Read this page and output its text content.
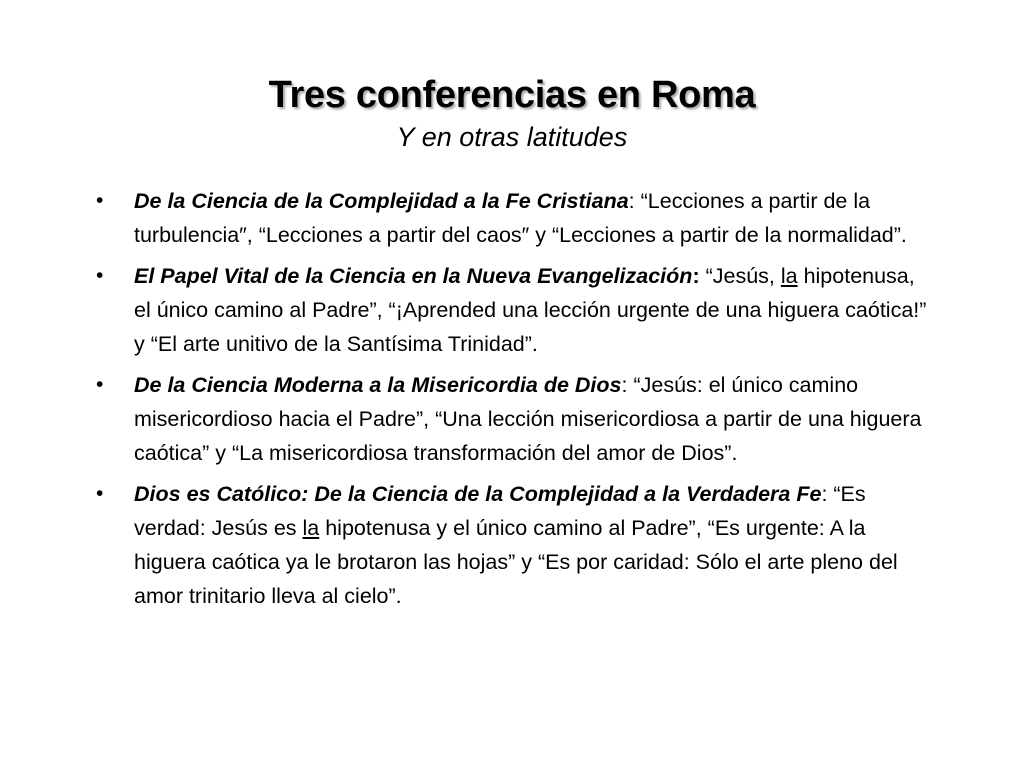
Tres conferencias en Roma
Y en otras latitudes
• De la Ciencia de la Complejidad a la Fe Cristiana: “Lecciones a partir de la turbulencia″, “Lecciones a partir del caos″ y “Lecciones a partir de la normalidad”.
• El Papel Vital de la Ciencia en la Nueva Evangelización: “Jesús, la hipotenusa, el único camino al Padre”, “¡Aprended una lección urgente de una higuera caótica!” y “El arte unitivo de la Santísima Trinidad”.
• De la Ciencia Moderna a la Misericordia de Dios: “Jesús: el único camino misericordioso hacia el Padre”, “Una lección misericordiosa a partir de una higuera caótica” y “La misericordiosa transformación del amor de Dios”.
• Dios es Católico: De la Ciencia de la Complejidad a la Verdadera Fe: “Es verdad: Jesús es la hipotenusa y el único camino al Padre”, “Es urgente: A la higuera caótica ya le brotaron las hojas” y “Es por caridad: Sólo el arte pleno del amor trinitario lleva al cielo”.
